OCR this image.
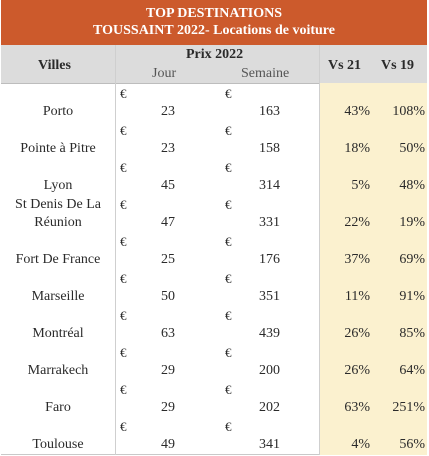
TOP DESTINATIONS
TOUSSAINT 2022- Locations de voiture
Villes
Prix 2022
Jour	Semaine
Vs 21 Vs 19
€	€
Porto	23	163	43%	108%
€	€
Pointe à Pitre	23	158	18%	50%
€	€
Lyon	45	314	5%	48%
€	€
St Denis De La
Réunion	47	331	22%	19%
€	€
Fort De France	25	176	37%	69%
€	€
Marseille	50	351	11%	91%
€	€
Montréal	63	439	26%	85%
€	€
Marrakech	29	200	26%	64%
€	€
Faro	29	202	63%	251%
€	€
Toulouse	49	341	4%	56%
